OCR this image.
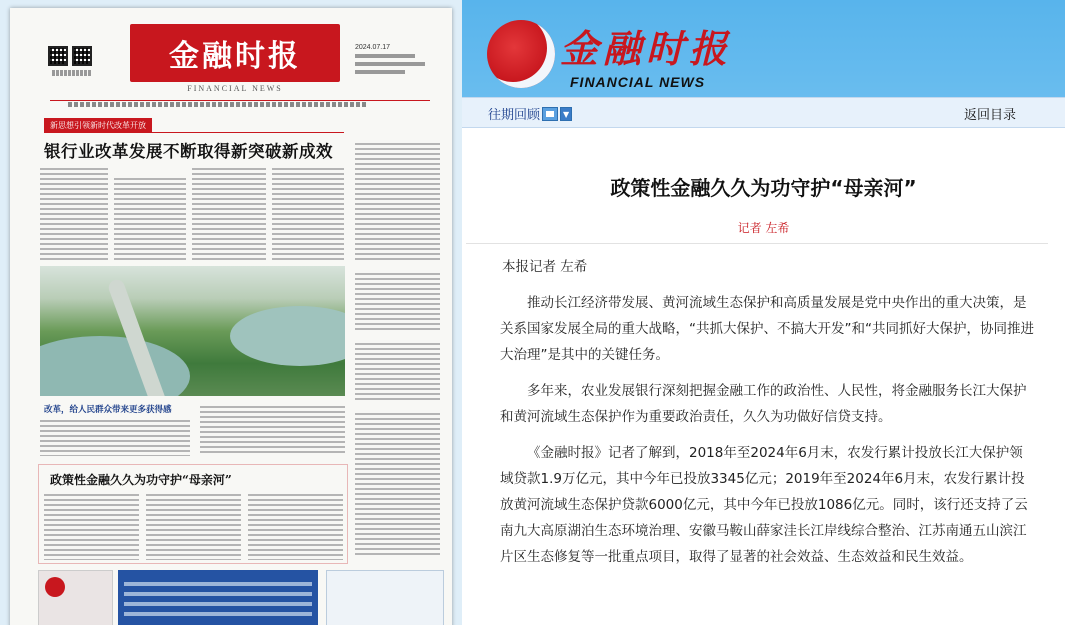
金融时报
FINANCIAL NEWS
2024.07.17
新思想引领新时代改革开放
银行业改革发展不断取得新突破新成效
改革，给人民群众带来更多获得感
政策性金融久久为功守护“母亲河”
金融时报
FINANCIAL NEWS
往期回顾	▼	返回目录
政策性金融久久为功守护“母亲河”
记者 左希

本报记者 左希

推动长江经济带发展、黄河流域生态保护和高质量发展是党中央作出的重大决策，是关系国家发展全局的重大战略，“共抓大保护、不搞大开发”和“共同抓好大保护，协同推进大治理”是其中的关键任务。

多年来，农业发展银行深刻把握金融工作的政治性、人民性，将金融服务长江大保护和黄河流域生态保护作为重要政治责任，久久为功做好信贷支持。

《金融时报》记者了解到，2018年至2024年6月末，农发行累计投放长江大保护领域贷款1.9万亿元，其中今年已投放3345亿元；2019年至2024年6月末，农发行累计投放黄河流域生态保护贷款6000亿元，其中今年已投放1086亿元。同时，该行还支持了云南九大高原湖泊生态环境治理、安徽马鞍山薛家洼长江岸线综合整治、江苏南通五山滨江片区生态修复等一批重点项目，取得了显著的社会效益、生态效益和民生效益。
